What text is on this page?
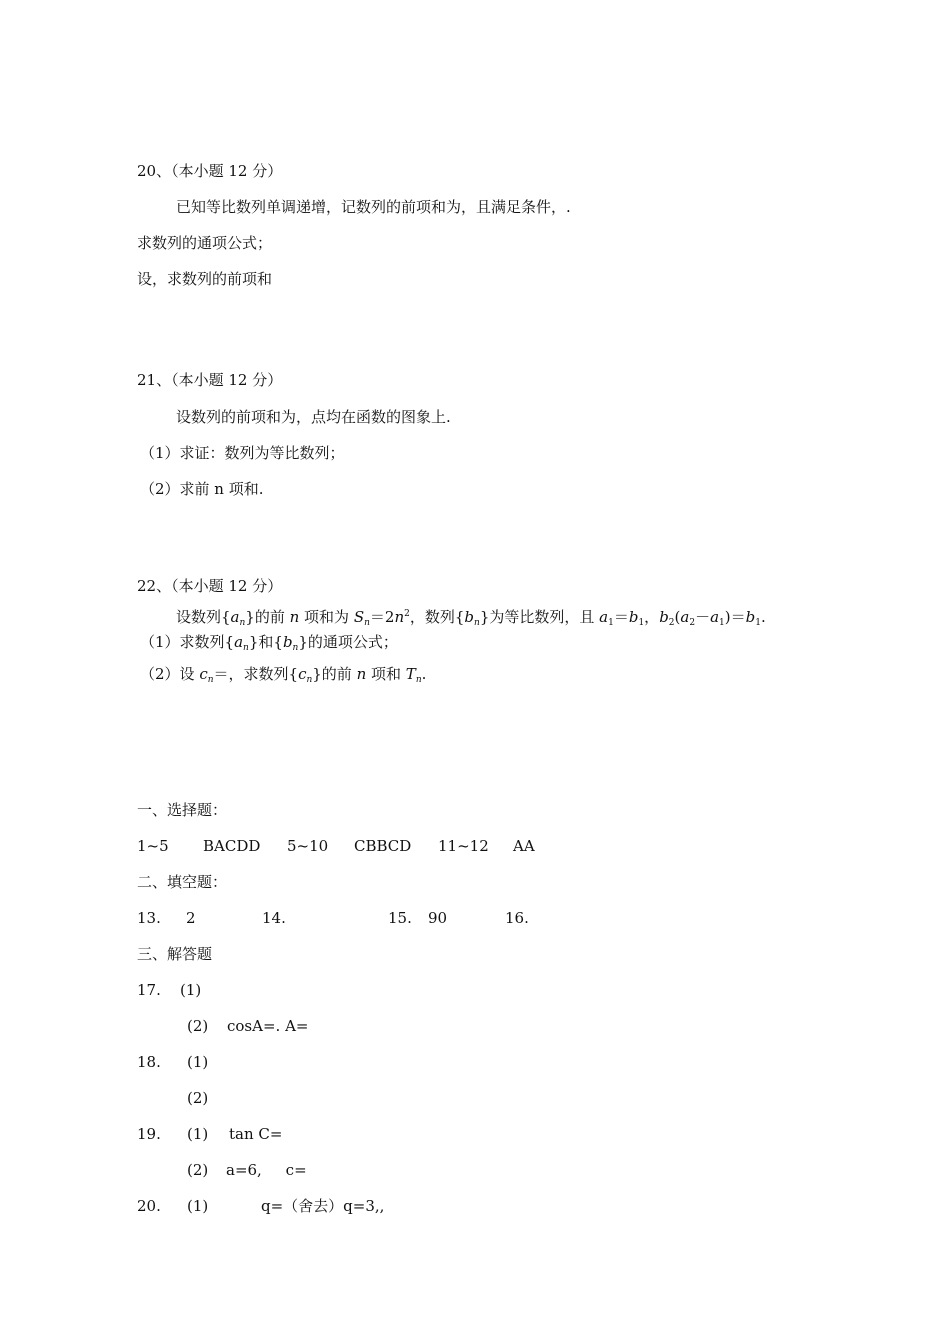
20、（本小题 12 分）
已知等比数列单调递增，记数列的前项和为，且满足条件，.
求数列的通项公式；
设，求数列的前项和
21、（本小题 12 分）
设数列的前项和为，点均在函数的图象上.
（1）求证：数列为等比数列；
（2）求前 n 项和.
22、（本小题 12 分）
设数列$\{a_n\}$的前 n 项和为 $S_n=2n^2$，数列$\{b_n\}$为等比数列，且 $a_1=b_1$，$b_2(a_2-a_1)=b_1$.
（1）求数列$\{a_n\}$和$\{b_n\}$的通项公式；
（2）设 $c_n=$，求数列$\{c_n\}$的前 n 项和 $T_n$.
一、选择题：
1~5 BACDD 5~10 CBBCD 11~12 AA
二、填空题：
13. 2	14.	15. 90	16.
三、解答题
17. (1)
(2) cosA=. A=
18. (1)
(2)
19. (1) tan C=
(2) a=6,     c=
20. (1)	q=（舍去）q=3,,
